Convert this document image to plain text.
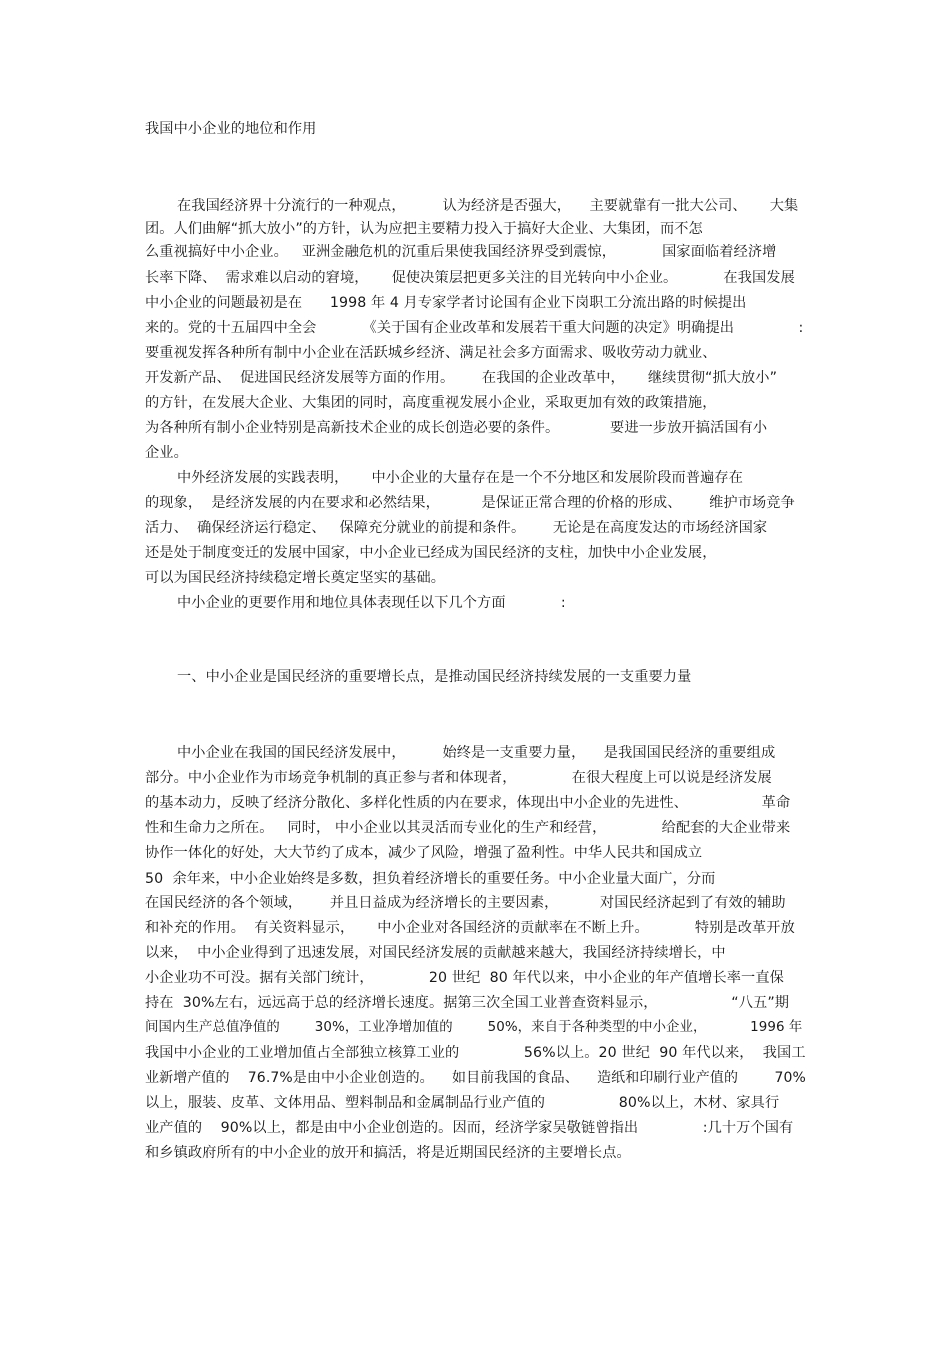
我国中小企业的地位和作用
在我国经济界十分流行的一种观点，        认为经济是否强大，    主要就靠有一批大公司、     大集
团。人们曲解“抓大放小”的方针，认为应把主要精力投入于搞好大企业、大集团，而不怎
么重视搞好中小企业。   亚洲金融危机的沉重后果使我国经济界受到震惊，          国家面临着经济增
长率下降、  需求难以启动的窘境，     促使决策层把更多关注的目光转向中小企业。          在我国发展
中小企业的问题最初是在      1998 年 4 月专家学者讨论国有企业下岗职工分流出路的时候提出
来的。党的十五届四中全会          《关于国有企业改革和发展若干重大问题的决定》明确提出              :
要重视发挥各种所有制中小企业在活跃城乡经济、满足社会多方面需求、吸收劳动力就业、
开发新产品、  促进国民经济发展等方面的作用。      在我国的企业改革中，     继续贯彻“抓大放小”
的方针，在发展大企业、大集团的同时，高度重视发展小企业，采取更加有效的政策措施，
为各种所有制小企业特别是高新技术企业的成长创造必要的条件。           要进一步放开搞活国有小
企业。
中外经济发展的实践表明，     中小企业的大量存在是一个不分地区和发展阶段而普遍存在
的现象，  是经济发展的内在要求和必然结果，         是保证正常合理的价格的形成、      维护市场竞争
活力、  确保经济运行稳定、   保障充分就业的前提和条件。      无论是在高度发达的市场经济国家
还是处于制度变迁的发展中国家，中小企业已经成为国民经济的支柱，加快中小企业发展，
可以为国民经济持续稳定增长奠定坚实的基础。
中小企业的更要作用和地位具体表现任以下几个方面            :
一、中小企业是国民经济的重要增长点，是推动国民经济持续发展的一支重要力量
中小企业在我国的国民经济发展中，        始终是一支重要力量，    是我国国民经济的重要组成
部分。中小企业作为市场竞争机制的真正参与者和体现者，            在很大程度上可以说是经济发展
的基本动力，反映了经济分散化、多样化性质的内在要求，体现出中小企业的先进性、                革命
性和生命力之所在。   同时， 中小企业以其灵活而专业化的生产和经营，            给配套的大企业带来
协作一体化的好处，大大节约了成本，减少了风险，增强了盈利性。中华人民共和国成立
50  余年来，中小企业始终是多数，担负着经济增长的重要任务。中小企业量大面广，分而
在国民经济的各个领域，      并且日益成为经济增长的主要因素，         对国民经济起到了有效的辅助
和补充的作用。  有关资料显示，     中小企业对各国经济的贡献率在不断上升。          特别是改革开放
以来，  中小企业得到了迅速发展，对国民经济发展的贡献越来越大，我国经济持续增长，中
小企业功不可没。据有关部门统计，            20 世纪  80 年代以来，中小企业的年产值增长率一直保
持在  30%左右，远远高于总的经济增长速度。据第三次全国工业普查资料显示，                “八五”期
间国内生产总值净值的        30%，工业净增加值的        50%，来自于各种类型的中小企业，          1996 年
我国中小企业的工业增加值占全部独立核算工业的              56%以上。20 世纪  90 年代以来，  我国工
业新增产值的    76.7%是由中小企业创造的。    如目前我国的食品、    造纸和印刷行业产值的        70%
以上，服装、皮革、文体用品、塑料制品和金属制品行业产值的                80%以上，木材、家具行
业产值的    90%以上，都是由中小企业创造的。因而，经济学家吴敬链曾指出              :几十万个国有
和乡镇政府所有的中小企业的放开和搞活，将是近期国民经济的主要增长点。
